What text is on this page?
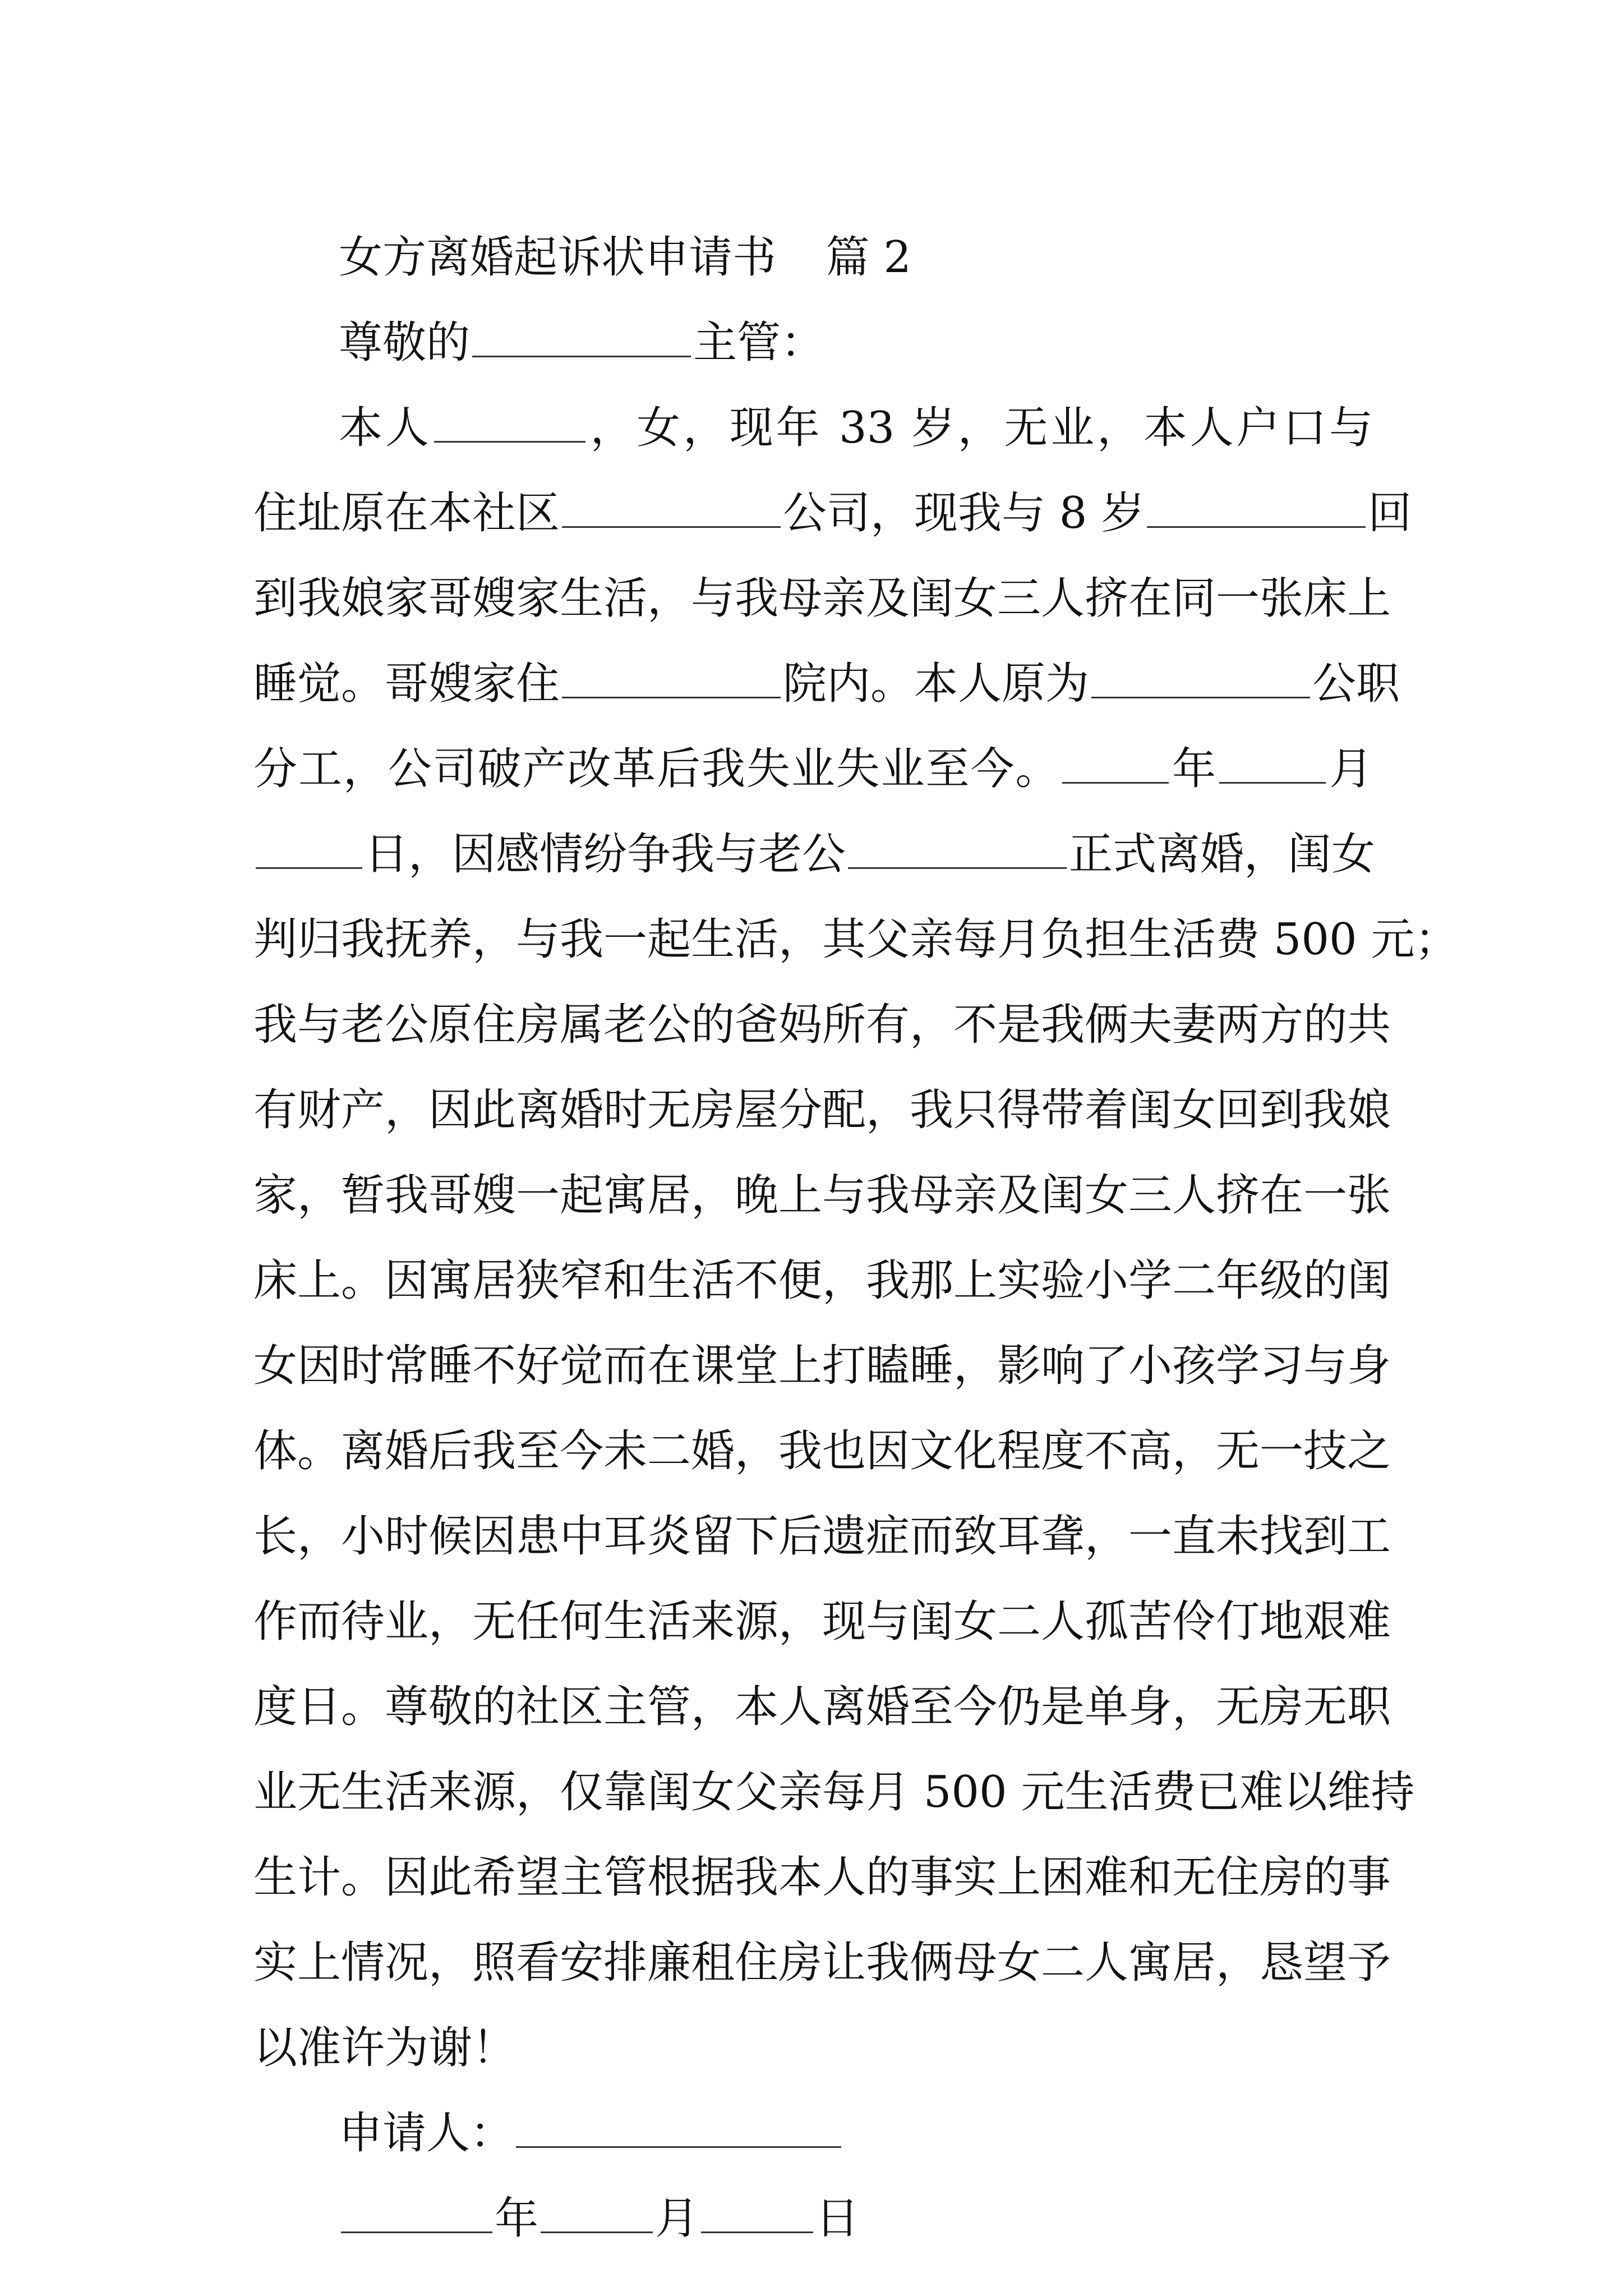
女方离婚起诉状申请书   篇 2
尊敬的	主管：
本人	，女，现年 33 岁，无业，本人户口与
住址原在本社区	公司，现我与 8 岁	回
到我娘家哥嫂家生活，与我母亲及闺女三人挤在同一张床上
睡觉。哥嫂家住	院内。本人原为	公职
分工，公司破产改革后我失业失业至今。	年	月
日，因感情纷争我与老公	正式离婚，闺女
判归我抚养，与我一起生活，其父亲每月负担生活费 500 元；
我与老公原住房属老公的爸妈所有，不是我俩夫妻两方的共
有财产，因此离婚时无房屋分配，我只得带着闺女回到我娘
家，暂我哥嫂一起寓居，晚上与我母亲及闺女三人挤在一张
床上。因寓居狭窄和生活不便，我那上实验小学二年级的闺
女因时常睡不好觉而在课堂上打瞌睡，影响了小孩学习与身
体。离婚后我至今未二婚，我也因文化程度不高，无一技之
长，小时候因患中耳炎留下后遗症而致耳聋，一直未找到工
作而待业，无任何生活来源，现与闺女二人孤苦伶仃地艰难
度日。尊敬的社区主管，本人离婚至今仍是单身，无房无职
业无生活来源，仅靠闺女父亲每月 500 元生活费已难以维持
生计。因此希望主管根据我本人的事实上困难和无住房的事
实上情况，照看安排廉租住房让我俩母女二人寓居，恳望予
以准许为谢！
申请人：
年	月	日
